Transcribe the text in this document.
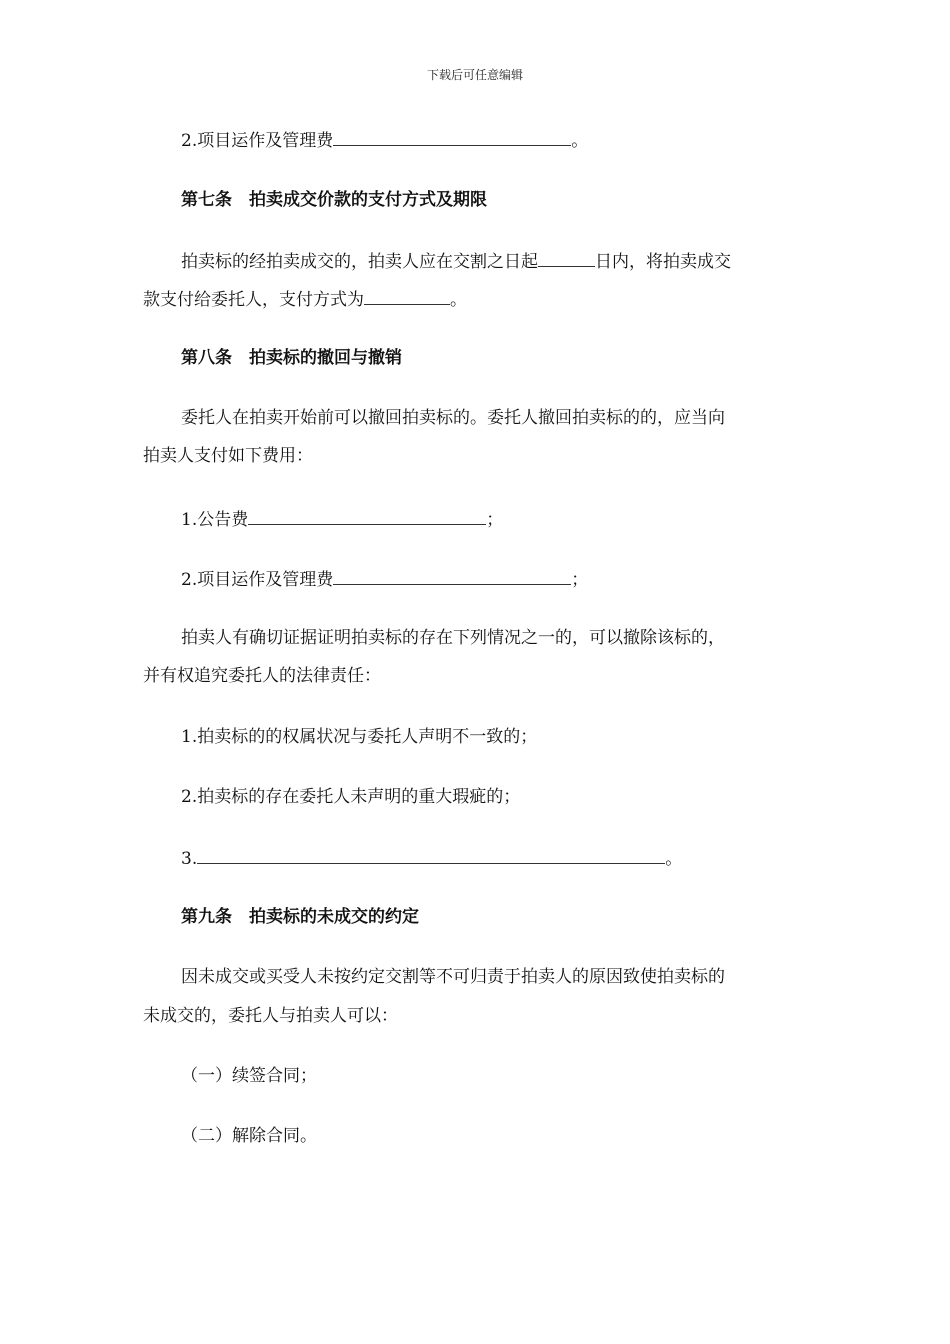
下载后可任意编辑
2.项目运作及管理费	。
第七条　拍卖成交价款的支付方式及期限
拍卖标的经拍卖成交的，拍卖人应在交割之日起	日内，将拍卖成交
款支付给委托人，支付方式为	。
第八条　拍卖标的撤回与撤销
委托人在拍卖开始前可以撤回拍卖标的。委托人撤回拍卖标的的，应当向
拍卖人支付如下费用：
1.公告费	；
2.项目运作及管理费	；
拍卖人有确切证据证明拍卖标的存在下列情况之一的，可以撤除该标的，
并有权追究委托人的法律责任：
1.拍卖标的的权属状况与委托人声明不一致的；
2.拍卖标的存在委托人未声明的重大瑕疵的；
3.	。
第九条　拍卖标的未成交的约定
因未成交或买受人未按约定交割等不可归责于拍卖人的原因致使拍卖标的
未成交的，委托人与拍卖人可以：
（一）续签合同；
（二）解除合同。
